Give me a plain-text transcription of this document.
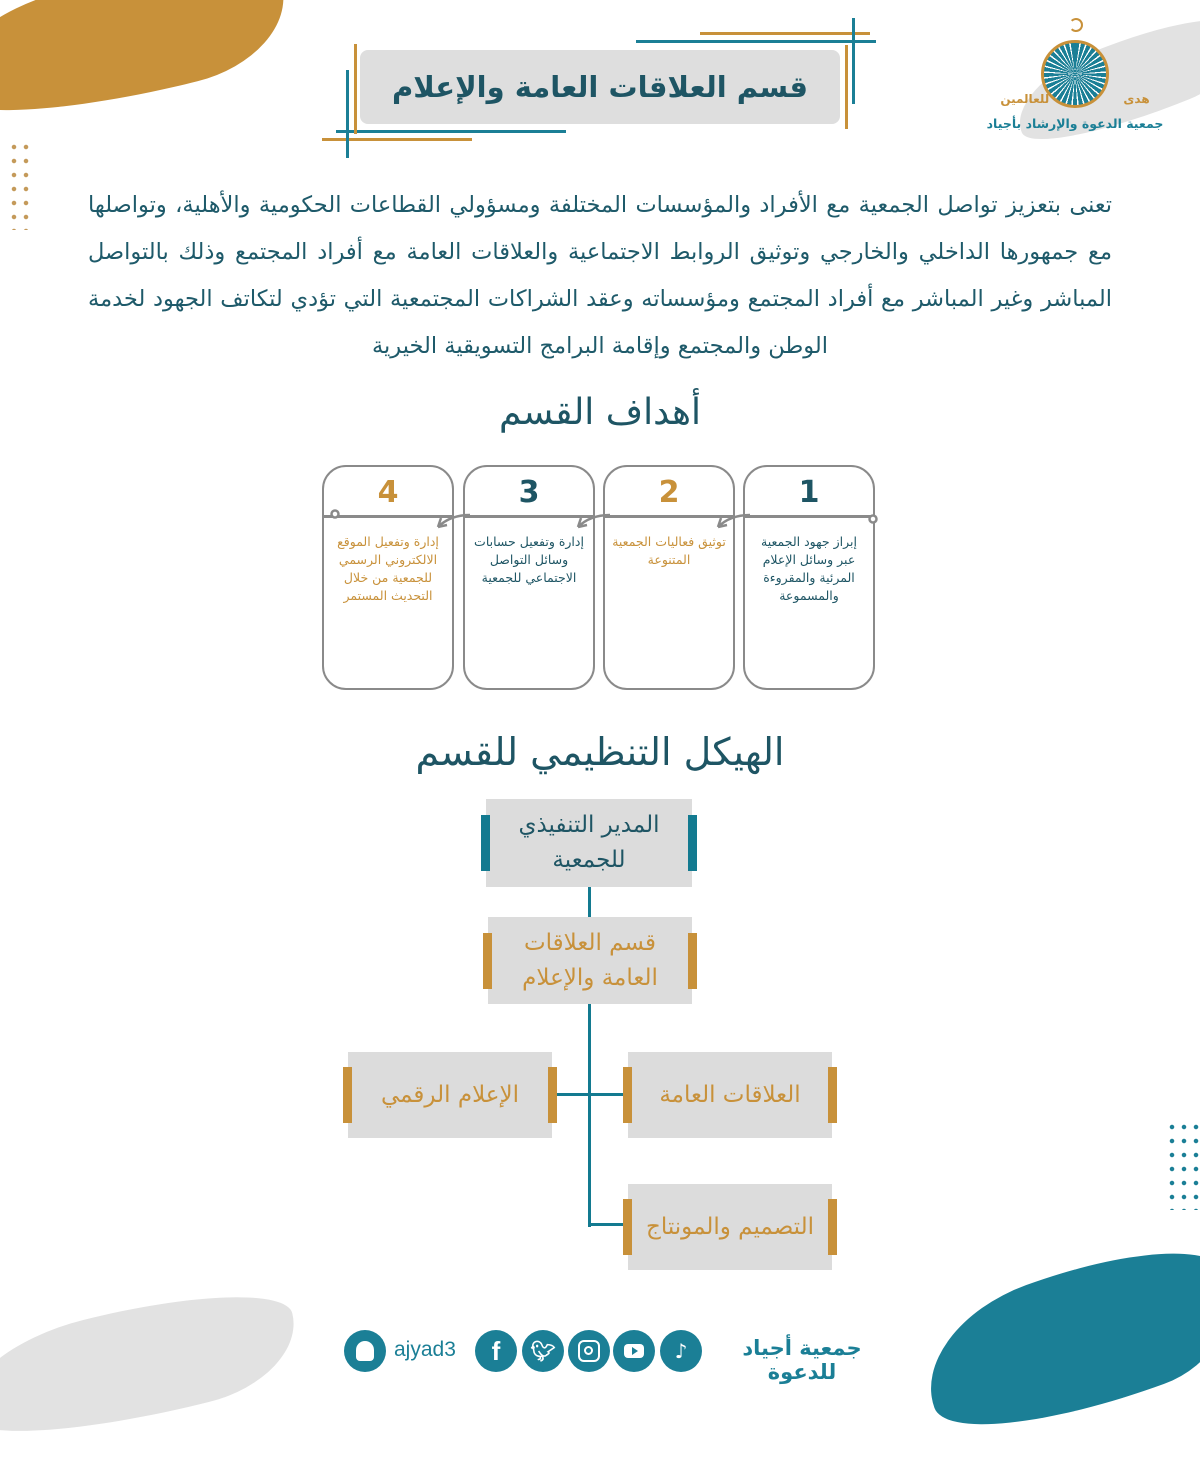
هدى للعالمين
جمعية الدعوة والإرشاد بأجياد
قسم العلاقات العامة والإعلام
تعنى بتعزيز تواصل الجمعية مع الأفراد والمؤسسات المختلفة ومسؤولي القطاعات الحكومية والأهلية، وتواصلها مع جمهورها الداخلي والخارجي وتوثيق الروابط الاجتماعية والعلاقات العامة مع أفراد المجتمع وذلك بالتواصل المباشر وغير المباشر مع أفراد المجتمع ومؤسساته وعقد الشراكات المجتمعية التي تؤدي لتكاتف الجهود لخدمة الوطن والمجتمع وإقامة البرامج التسويقية الخيرية
أهداف القسم
1
إبراز جهود الجمعية عبر وسائل الإعلام المرئية والمقروءة والمسموعة
2
توثيق فعاليات الجمعية المتنوعة
3
إدارة وتفعيل حسابات وسائل التواصل الاجتماعي للجمعية
4
إدارة وتفعيل الموقع الالكتروني الرسمي للجمعية من خلال التحديث المستمر
الهيكل التنظيمي للقسم
المدير التنفيذي للجمعية
قسم العلاقات العامة والإعلام
العلاقات العامة
الإعلام الرقمي
التصميم والمونتاج
جمعية أجياد للدعوة
♪
🐦︎
f
ajyad3
